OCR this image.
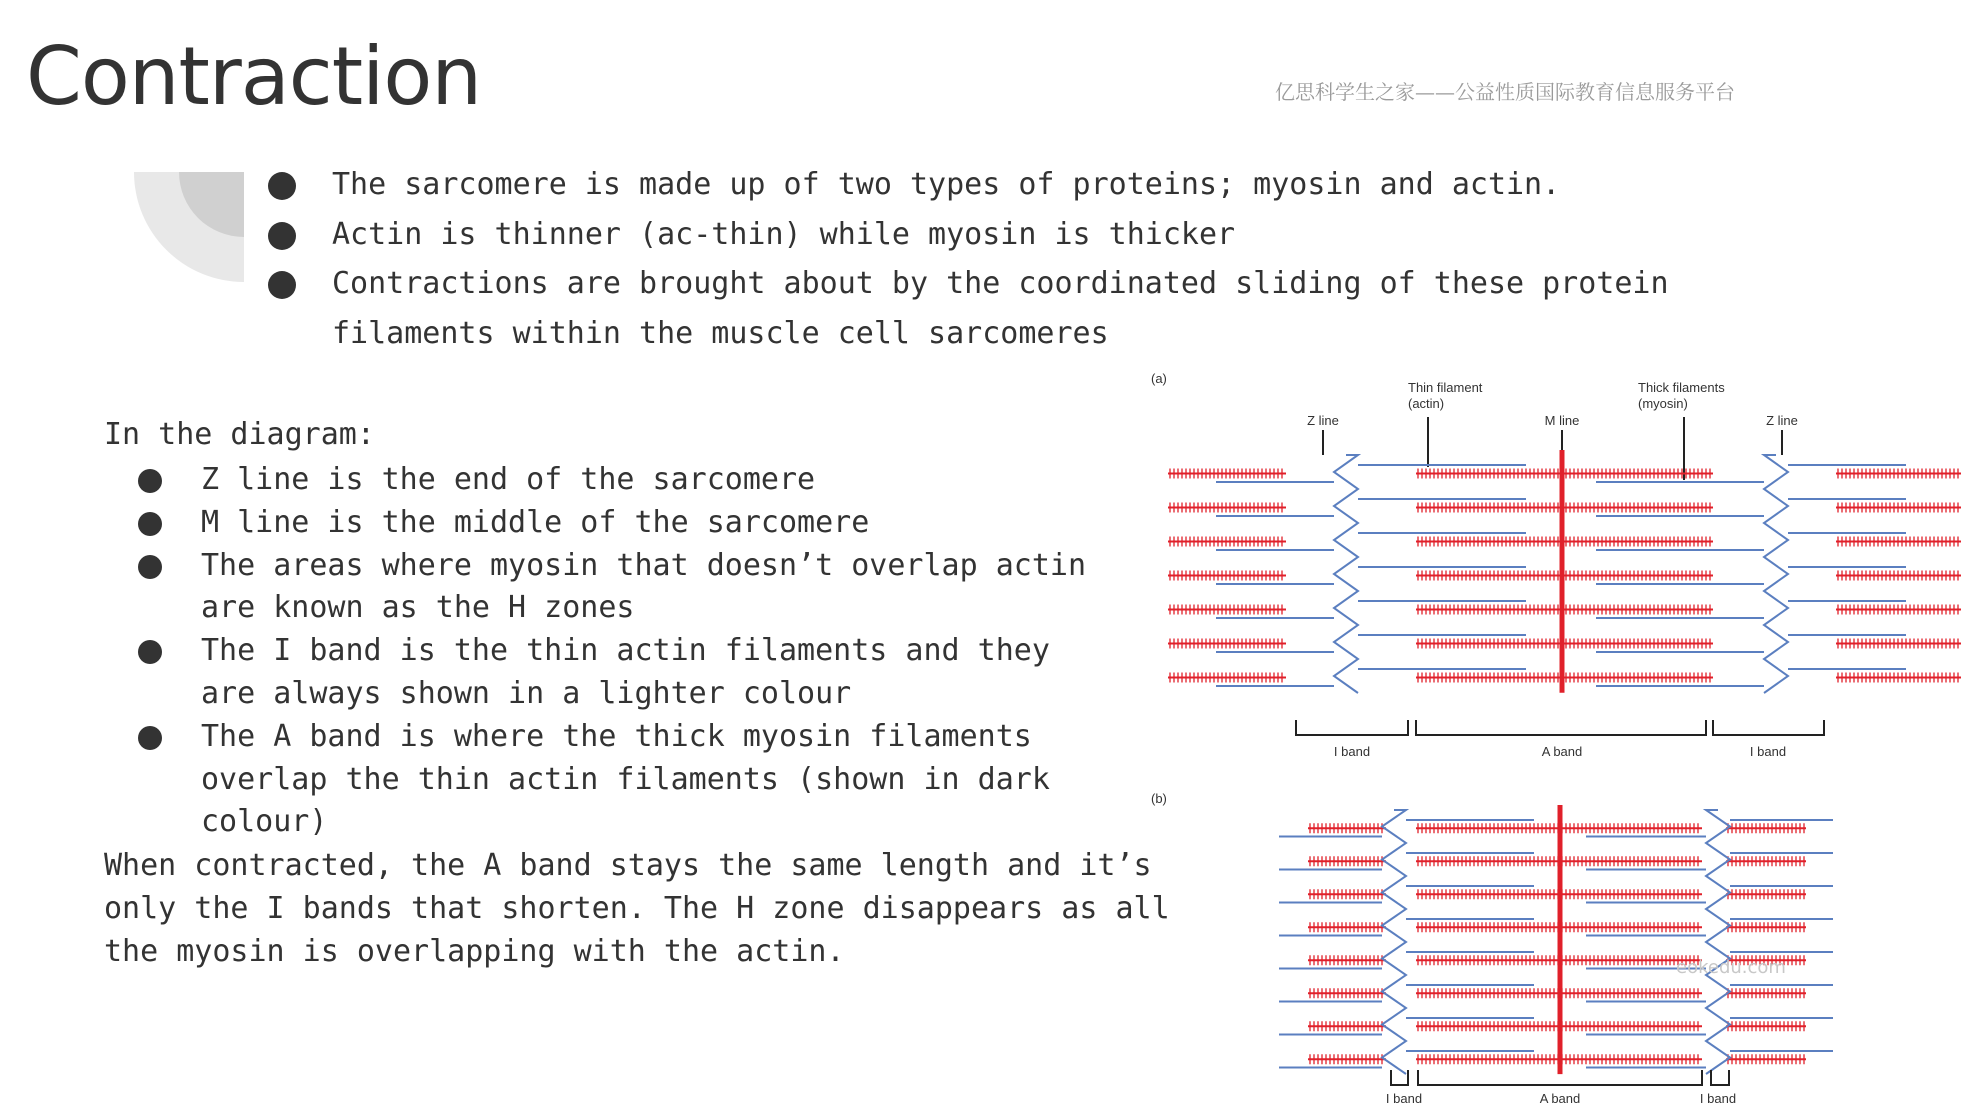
Contraction	亿思科学生之家——公益性质国际教育信息服务平台
The sarcomere is made up of two types of proteins; myosin and actin.
Actin is thinner (ac-thin) while myosin is thicker
Contractions are brought about by the coordinated sliding of these protein filaments within the muscle cell sarcomeres

In the diagram:

Z line is the end of the sarcomere
M line is the middle of the sarcomere
The areas where myosin that doesn’t overlap actin are known as the H zones
The I band is the thin actin filaments and they are always shown in a lighter colour
The A band is where the thick myosin filaments overlap the thin actin filaments (shown in dark colour)

When contracted, the A band stays the same length and it’s only the I bands that shorten. The H zone disappears as all the myosin is overlapping with the actin.

(a)
Z line
Thin filament
(actin)
M line
Thick filaments
(myosin)
Z line
I band	A band	I band
(b)
eokedu.com
I band	A band	I band
